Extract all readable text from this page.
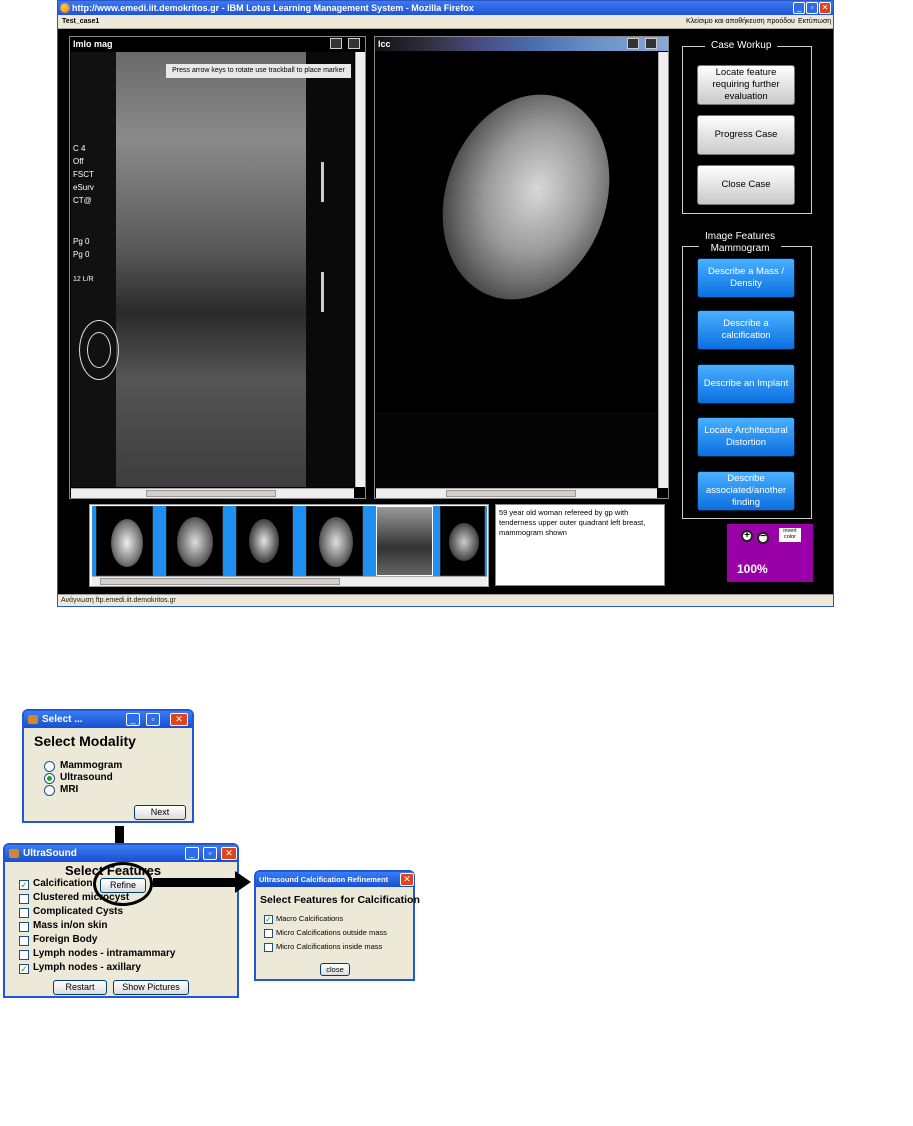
http://www.emedi.iit.demokritos.gr - IBM Lotus Learning Management System - Mozilla Firefox	_	▫	✕
Test_case1	Κλείσιμο και αποθήκευση προόδου Εκτύπωση
lmlo mag
Press arrow keys to rotate use trackball to place marker
C 4
Off
FSCT
eSurv
CT@
Pg 0
Pg 0
12 L/R
lcc	Case Workup
Locate feature requiring further evaluation
Progress Case
Close Case
Image Features
Mammogram
Describe a Mass / Density
Describe a calcification
Describe an Implant
Locate Architectural Distortion
Describe associated/another finding
59 year old woman refereed by gp with tenderness upper outer quadrant left breast, mammogram shown	+	−	invert color
100%
Ανάγνωση ftp.emedi.iit.demokritos.gr
Select ...	_	▫	✕
Select Modality
Mammogram
Ultrasound
MRI
Next
UltraSound	_	▫	✕
Select Features
✓ Calcification	Refine
Clustered microcyst
Complicated Cysts
Mass in/on skin
Foreign Body
Lymph nodes - intramammary
✓ Lymph nodes - axillary
Restart	Show Pictures
Ultrasound Calcification Refinement	✕
Select Features for Calcification
✓ Macro Calcifications
Micro Calcifications outside mass
Micro Calcifications inside mass
close
